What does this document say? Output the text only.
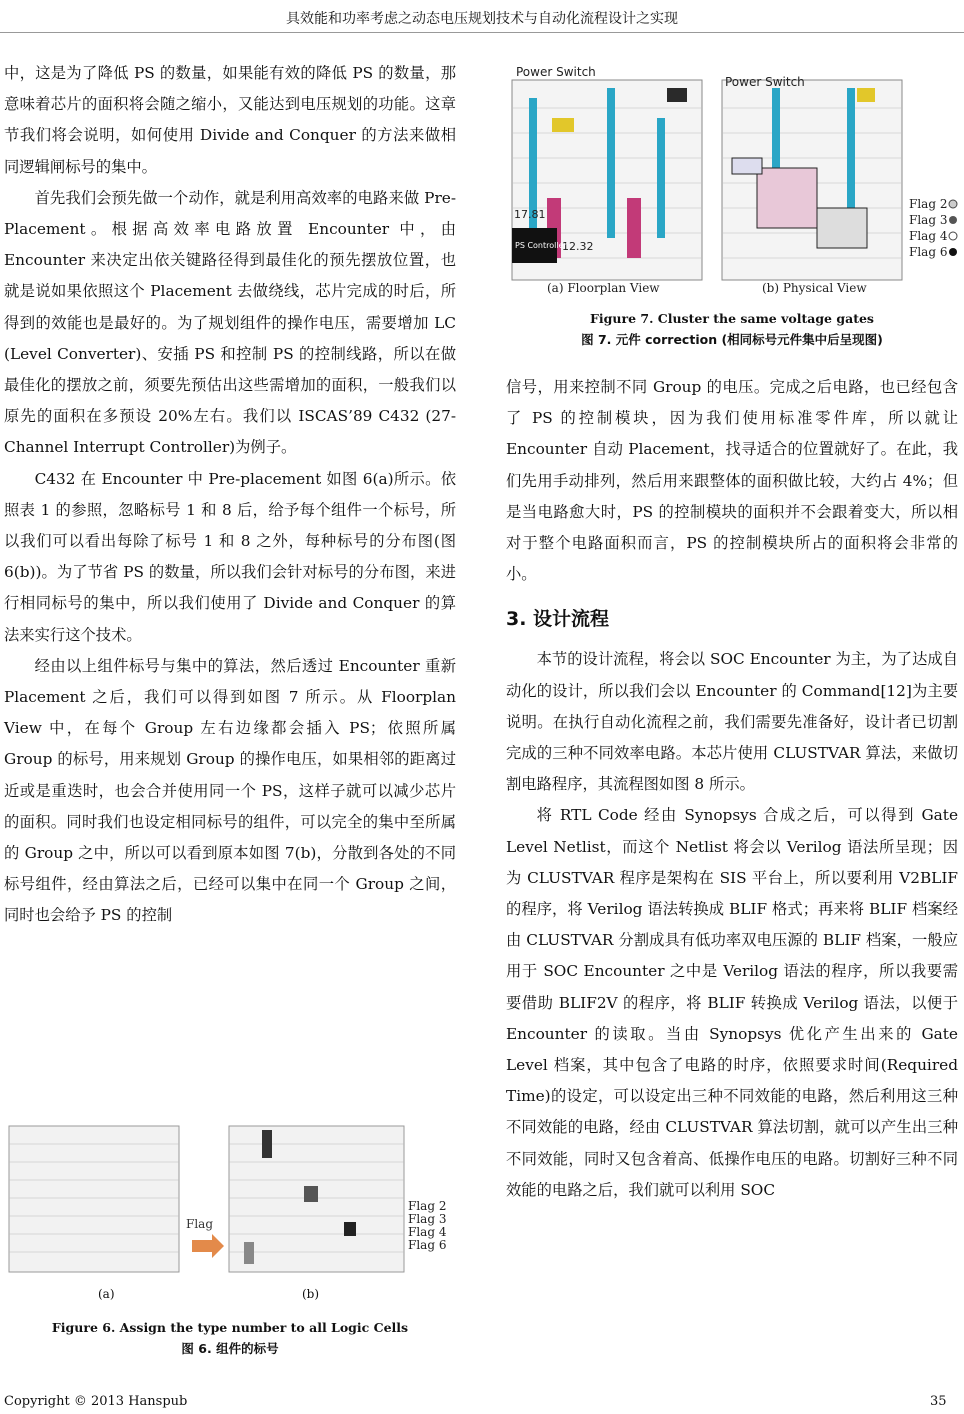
具效能和功率考虑之动态电压规划技术与自动化流程设计之实现

中，这是为了降低 PS 的数量，如果能有效的降低 PS 的数量，那意味着芯片的面积将会随之缩小，又能达到电压规划的功能。这章节我们将会说明，如何使用 Divide and Conquer 的方法来做相同逻辑闸标号的集中。

首先我们会预先做一个动作，就是利用高效率的电路来做 Pre-Placement。根据高效率电路放置 Encounter 中，由 Encounter 来决定出依关键路径得到最佳化的预先摆放位置，也就是说如果依照这个 Placement 去做绕线，芯片完成的时后，所得到的效能也是最好的。为了规划组件的操作电压，需要增加 LC (Level Converter)、安插 PS 和控制 PS 的控制线路，所以在做最佳化的摆放之前，须要先预估出这些需增加的面积，一般我们以原先的面积在多预设 20%左右。我们以 ISCAS’89 C432 (27-Channel Interrupt Controller)为例子。

C432 在 Encounter 中 Pre-placement 如图 6(a)所示。依照表 1 的参照，忽略标号 1 和 8 后，给予每个组件一个标号，所以我们可以看出每除了标号 1 和 8 之外，每种标号的分布图(图 6(b))。为了节省 PS 的数量，所以我们会针对标号的分布图，来进行相同标号的集中，所以我们使用了 Divide and Conquer 的算法来实行这个技术。

经由以上组件标号与集中的算法，然后透过 Encounter 重新 Placement 之后，我们可以得到如图 7 所示。从 Floorplan View 中，在每个 Group 左右边缘都会插入 PS；依照所属 Group 的标号，用来规划 Group 的操作电压，如果相邻的距离过近或是重迭时，也会合并使用同一个 PS，这样子就可以减少芯片的面积。同时我们也设定相同标号的组件，可以完全的集中至所属的 Group 之中，所以可以看到原本如图 7(b)，分散到各处的不同标号组件，经由算法之后，已经可以集中在同一个 Group 之间，同时也会给予 PS 的控制

信号，用来控制不同 Group 的电压。完成之后电路，也已经包含了 PS 的控制模块，因为我们使用标准零件库，所以就让 Encounter 自动 Placement，找寻适合的位置就好了。在此，我们先用手动排列，然后用来跟整体的面积做比较，大约占 4%；但是当电路愈大时，PS 的控制模块的面积并不会跟着变大，所以相对于整个电路面积而言，PS 的控制模块所占的面积将会非常的小。

3. 设计流程

本节的设计流程，将会以 SOC Encounter 为主，为了达成自动化的设计，所以我们会以 Encounter 的 Command[12]为主要说明。在执行自动化流程之前，我们需要先准备好，设计者已切割完成的三种不同效率电路。本芯片使用 CLUSTVAR 算法，来做切割电路程序，其流程图如图 8 所示。

将 RTL Code 经由 Synopsys 合成之后，可以得到 Gate Level Netlist，而这个 Netlist 将会以 Verilog 语法所呈现；因为 CLUSTVAR 程序是架构在 SIS 平台上，所以要利用 V2BLIF 的程序，将 Verilog 语法转换成 BLIF 格式；再来将 BLIF 档案经由 CLUSTVAR 分割成具有低功率双电压源的 BLIF 档案，一般应用于 SOC Encounter 之中是 Verilog 语法的程序，所以我要需要借助 BLIF2V 的程序，将 BLIF 转换成 Verilog 语法，以便于 Encounter 的读取。当由 Synopsys 优化产生出来的 Gate Level 档案，其中包含了电路的时序，依照要求时间(Required Time)的设定，可以设定出三种不同效能的电路，然后利用这三种不同效能的电路，经由 CLUSTVAR 算法切割，就可以产生出三种不同效能，同时又包含着高、低操作电压的电路。切割好三种不同效能的电路之后，我们就可以利用 SOC

Power Switch
17.81
12.32
PS Controller
(a) Floorplan View
Power Switch
(b) Physical View
Flag 2
Flag 3
Flag 4
Flag 6
Figure 7. Cluster the same voltage gates
图 7. 元件 correction (相同标号元件集中后呈现图)
Flag
Flag 2
Flag 3
Flag 4
Flag 6
(a)	(b)
Figure 6. Assign the type number to all Logic Cells
图 6. 组件的标号
Copyright © 2013 Hanspub	35
